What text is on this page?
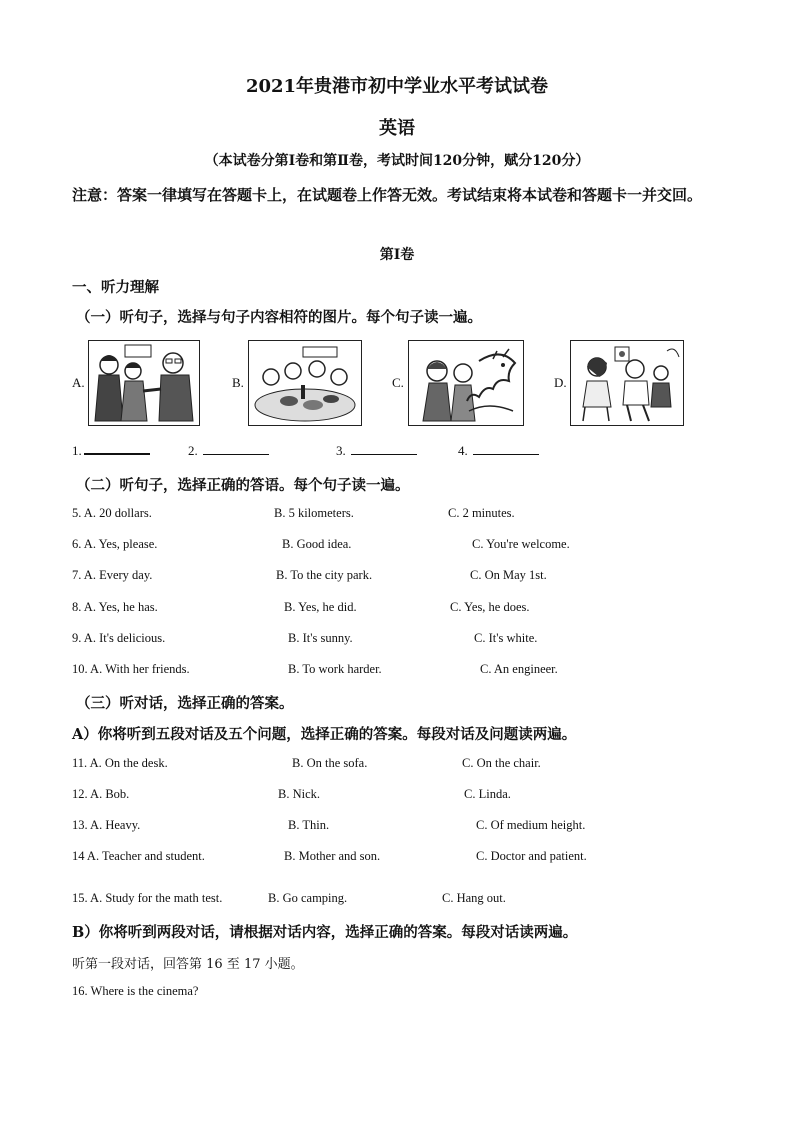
2021年贵港市初中学业水平考试试卷
英语
（本试卷分第Ⅰ卷和第Ⅱ卷，考试时间120分钟，赋分120分）
注意：答案一律填写在答题卡上，在试题卷上作答无效。考试结束将本试卷和答题卡一并交回。
第Ⅰ卷
一、听力理解
（一）听句子，选择与句子内容相符的图片。每个句子读一遍。
A.	B.	C.	D.
1.	2.	3.	4.
（二）听句子，选择正确的答语。每个句子读一遍。
5. A. 20 dollars.	B. 5 kilometers.	C. 2 minutes.
6. A. Yes, please.	B. Good idea.	C. You're welcome.
7. A. Every day.	B. To the city park.	C. On May 1st.
8. A. Yes, he has.	B. Yes, he did.	C. Yes, he does.
9. A. It's delicious.	B. It's sunny.	C. It's white.
10. A. With her friends.	B. To work harder.	C. An engineer.
（三）听对话，选择正确的答案。
A）你将听到五段对话及五个问题，选择正确的答案。每段对话及问题读两遍。
11. A. On the desk.	B. On the sofa.	C. On the chair.
12. A. Bob.	B. Nick.	C. Linda.
13. A. Heavy.	B. Thin.	C. Of medium height.
14 A. Teacher and student.	B. Mother and son.	C. Doctor and patient.
15. A. Study for the math test.	B. Go camping.	C. Hang out.
B）你将听到两段对话，请根据对话内容，选择正确的答案。每段对话读两遍。
听第一段对话，回答第 16 至 17 小题。
16. Where is the cinema?
